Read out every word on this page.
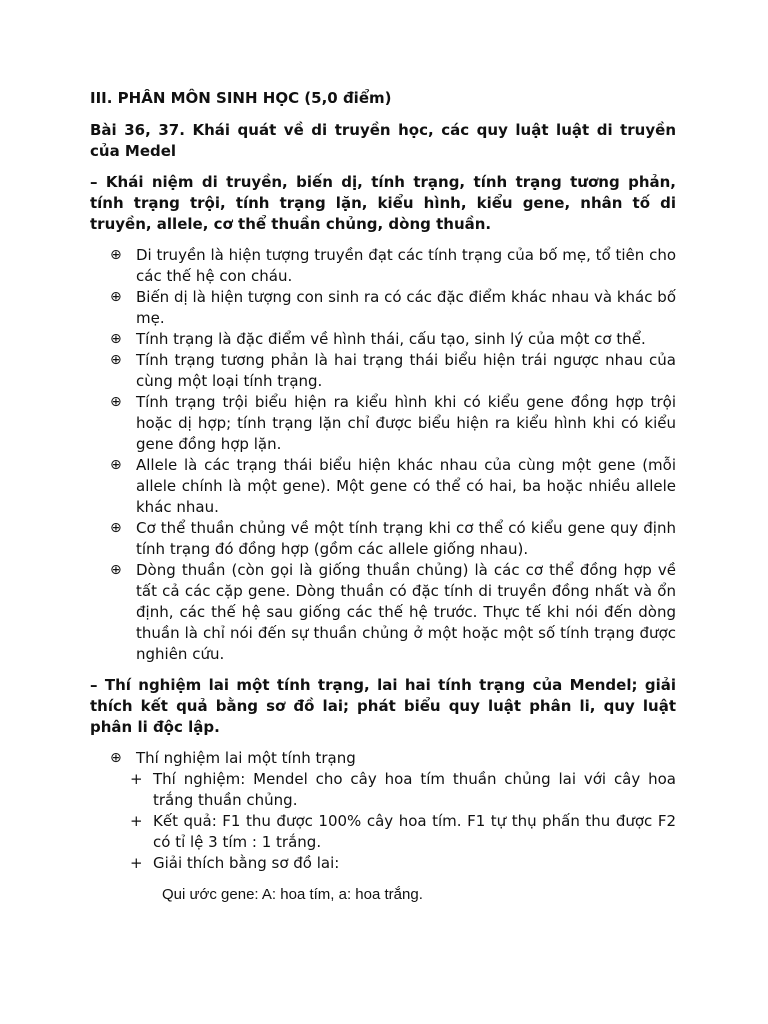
III. PHÂN MÔN SINH HỌC (5,0 điểm)
Bài 36, 37. Khái quát về di truyền học, các quy luật luật di truyền của Medel
– Khái niệm di truyền, biến dị, tính trạng, tính trạng tương phản, tính trạng trội, tính trạng lặn, kiểu hình, kiểu gene, nhân tố di truyền, allele, cơ thể thuần chủng, dòng thuần.
⊕ Di truyền là hiện tượng truyền đạt các tính trạng của bố mẹ, tổ tiên cho các thế hệ con cháu.
⊕ Biến dị là hiện tượng con sinh ra có các đặc điểm khác nhau và khác bố mẹ.
⊕ Tính trạng là đặc điểm về hình thái, cấu tạo, sinh lý của một cơ thể.
⊕ Tính trạng tương phản là hai trạng thái biểu hiện trái ngược nhau của cùng một loại tính trạng.
⊕ Tính trạng trội biểu hiện ra kiểu hình khi có kiểu gene đồng hợp trội hoặc dị hợp; tính trạng lặn chỉ được biểu hiện ra kiểu hình khi có kiểu gene đồng hợp lặn.
⊕ Allele là các trạng thái biểu hiện khác nhau của cùng một gene (mỗi allele chính là một gene). Một gene có thể có hai, ba hoặc nhiều allele khác nhau.
⊕ Cơ thể thuần chủng về một tính trạng khi cơ thể có kiểu gene quy định tính trạng đó đồng hợp (gồm các allele giống nhau).
⊕ Dòng thuần (còn gọi là giống thuần chủng) là các cơ thể đồng hợp về tất cả các cặp gene. Dòng thuần có đặc tính di truyền đồng nhất và ổn định, các thế hệ sau giống các thế hệ trước. Thực tế khi nói đến dòng thuần là chỉ nói đến sự thuần chủng ở một hoặc một số tính trạng được nghiên cứu.
– Thí nghiệm lai một tính trạng, lai hai tính trạng của Mendel; giải thích kết quả bằng sơ đồ lai; phát biểu quy luật phân li, quy luật phân li độc lập.
⊕ Thí nghiệm lai một tính trạng
+ Thí nghiệm: Mendel cho cây hoa tím thuần chủng lai với cây hoa trắng thuần chủng.
+ Kết quả: F1 thu được 100% cây hoa tím. F1 tự thụ phấn thu được F2 có tỉ lệ 3 tím : 1 trắng.
+ Giải thích bằng sơ đồ lai:
Qui ước gene: A: hoa tím, a: hoa trắng.
